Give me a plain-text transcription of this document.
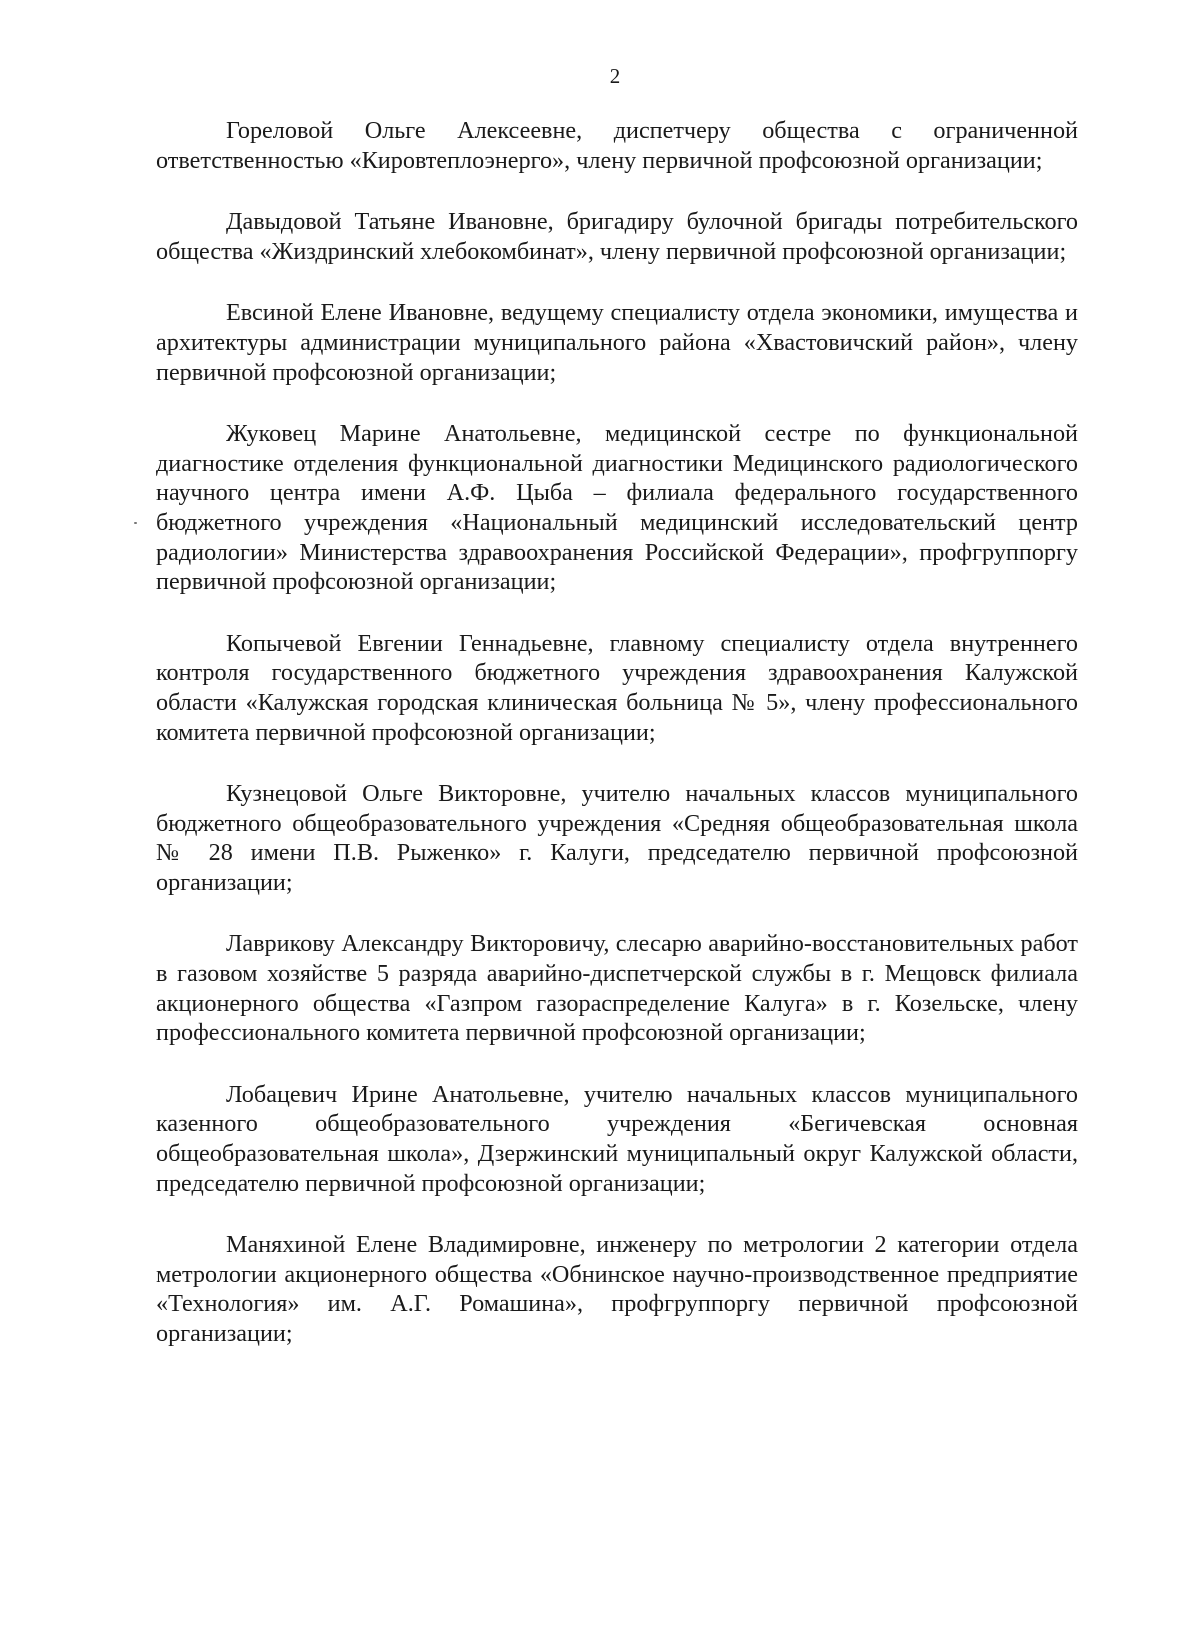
2

Гореловой Ольге Алексеевне, диспетчеру общества с ограниченной ответственностью «Кировтеплоэнерго», члену первичной профсоюзной организации;

Давыдовой Татьяне Ивановне, бригадиру булочной бригады потребительского общества «Жиздринский хлебокомбинат», члену первичной профсоюзной организации;

Евсиной Елене Ивановне, ведущему специалисту отдела экономики, имущества и архитектуры администрации муниципального района «Хвастовичский район», члену первичной профсоюзной организации;

Жуковец Марине Анатольевне, медицинской сестре по функциональной диагностике отделения функциональной диагностики Медицинского радиологического научного центра имени А.Ф. Цыба – филиала федерального государственного бюджетного учреждения «Национальный медицинский исследовательский центр радиологии» Министерства здравоохранения Российской Федерации», профгруппоргу первичной профсоюзной организации;

Копычевой Евгении Геннадьевне, главному специалисту отдела внутреннего контроля государственного бюджетного учреждения здравоохранения Калужской области «Калужская городская клиническая больница № 5», члену профессионального комитета первичной профсоюзной организации;

Кузнецовой Ольге Викторовне, учителю начальных классов муниципального бюджетного общеобразовательного учреждения «Средняя общеобразовательная школа № 28 имени П.В. Рыженко» г. Калуги, председателю первичной профсоюзной организации;

Лаврикову Александру Викторовичу, слесарю аварийно-восстановительных работ в газовом хозяйстве 5 разряда аварийно-диспетчерской службы в г. Мещовск филиала акционерного общества «Газпром газораспределение Калуга» в г. Козельске, члену профессионального комитета первичной профсоюзной организации;

Лобацевич Ирине Анатольевне, учителю начальных классов муниципального казенного общеобразовательного учреждения «Бегичевская основная общеобразовательная школа», Дзержинский муниципальный округ Калужской области, председателю первичной профсоюзной организации;

Маняхиной Елене Владимировне, инженеру по метрологии 2 категории отдела метрологии акционерного общества «Обнинское научно-производственное предприятие «Технология» им. А.Г. Ромашина», профгруппоргу первичной профсоюзной организации;
